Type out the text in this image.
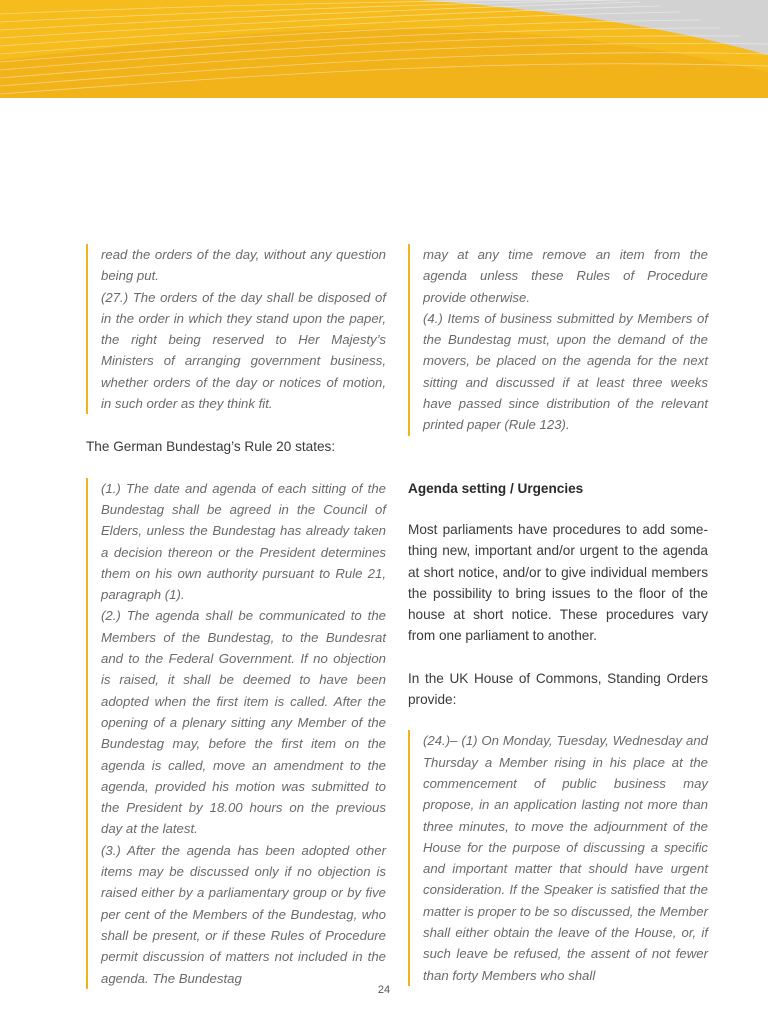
read the orders of the day, without any question being put.

(27.) The orders of the day shall be disposed of in the order in which they stand upon the paper, the right being reserved to Her Majesty’s Ministers of arranging government business, whether orders of the day or notices of motion, in such order as they think fit.

The German Bundestag’s Rule 20 states:

(1.) The date and agenda of each sitting of the Bundestag shall be agreed in the Council of Elders, unless the Bundestag has already taken a decision thereon or the President determines them on his own authority pursuant to Rule 21, paragraph (1).

(2.) The agenda shall be communicated to the Members of the Bundestag, to the Bundesrat and to the Federal Government. If no objection is raised, it shall be deemed to have been adopted when the first item is called. After the opening of a plenary sitting any Member of the Bundestag may, before the first item on the agenda is called, move an amendment to the agenda, provided his motion was submitted to the President by 18.00 hours on the previous day at the latest.

(3.) After the agenda has been adopted other items may be discussed only if no objection is raised either by a parliamentary group or by five per cent of the Members of the Bundestag, who shall be present, or if these Rules of Procedure permit discussion of matters not included in the agenda. The Bundestag

may at any time remove an item from the agenda unless these Rules of Procedure provide otherwise.

(4.) Items of business submitted by Members of the Bundestag must, upon the demand of the movers, be placed on the agenda for the next sitting and discussed if at least three weeks have passed since distribution of the relevant printed paper (Rule 123).

Agenda setting / Urgencies

Most parliaments have procedures to add something new, important and/or urgent to the agenda at short notice, and/or to give individual members the possibility to bring issues to the floor of the house at short notice. These procedures vary from one parliament to another.

In the UK House of Commons, Standing Orders provide:

(24.)– (1) On Monday, Tuesday, Wednesday and Thursday a Member rising in his place at the commencement of public business may propose, in an application lasting not more than three minutes, to move the adjournment of the House for the purpose of discussing a specific and important matter that should have urgent consideration. If the Speaker is satisfied that the matter is proper to be so discussed, the Member shall either obtain the leave of the House, or, if such leave be refused, the assent of not fewer than forty Members who shall

24
